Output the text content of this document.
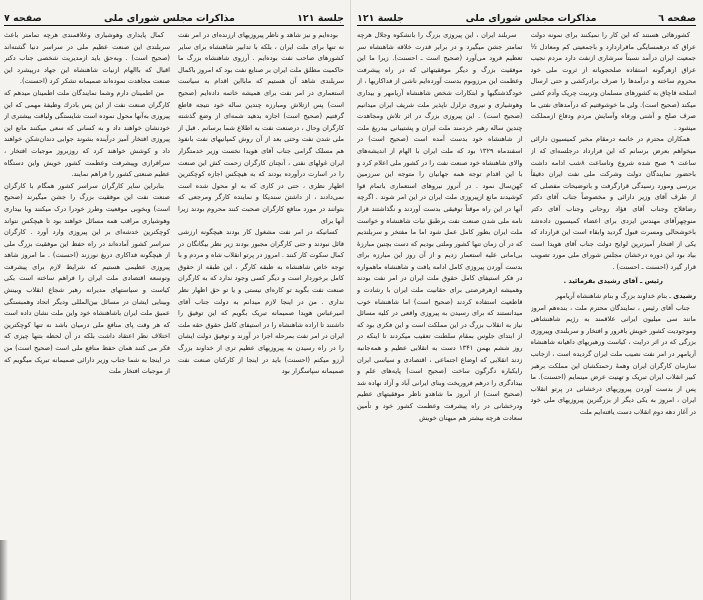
جلسة ۱۲۱
مذاکرات مجلس شورای ملی
صفحه ۷

بوده‌ایم و نیز شاهد و ناظر پیروزیهای ارزنده‌ای در امر نفت نه تنها برای ملت ایران ، بلکه با تدابیر شاهنشاه برای سایر کشورهای صاحب نفت بوده‌ایم . آرزوی شاهنشاه بزرگ ما حاکمیت مطلق ملت ایران بر صنایع نفت بود که امروز باکمال سربلندی شاهد آن هستیم که مابااین اقدام به سیاست استعماری در امر نفت برای همیشه خاتمه داده‌ایم (صحیح است) پس ازتلاش ومبارزه چندین ساله خود نتیجه قاطع گرفتیم (صحیح است) اجازه بدهید شمه‌ای از وضع گذشته کارگران وحال ، درصنعت نفت به اطلاع شما برسانم . قبل از ملی شدن نفت وحتی بعد از آن روش کمپانیهای نفت بانفوذ هم مسلک گرامی جناب آقای هویدا نخست وزیر خدمتگزار ایران غولهای نفتی ، آنچنان کارگران زحمت کش این صنعت را در اسارت درآورده بودند که به هیچکس اجازه کوچکترین اظهار نظری ، حتی در کاری که به او محول شده است نمی‌دادند ، از داشتن سندیکا و نماینده کارگر ومرجعی که بتوانند در مورد منافع کارگران صحبت کنند محروم بودند زیرا آنها برای

کسانیکه در امر نفت مشغول کار بودند هیچگونه ارزشی قائل نبودند و حتی کارگران مجبور بودند زیر نظر بیگانگان در کمال سکوت کار کنند . امروز در پرتو انقلاب شاه و مردم و با توجه خاص شاهنشاه به طبقه کارگر ، این طبقه از حقوق کامل برخوردار است و دیگر کسی وجود ندارد که به کارگران صنعت نفت بگوید تو کاره‌ای نیستی و یا تو حق اظهار نظر نداری . من در اینجا لازم میدانم به دولت جناب آقای امیرعباس هویدا صمیمانه تبریک بگویم که این توفیق را داشتند تا اراده شاهنشاه را در استیفای کامل حقوق حقه ملت ایران در امر نفت بمرحله اجرا در آورند و توفیق دولت ایشان را در راه رسیدن به پیروزیهای عظیم تری از خداوند بزرگ آرزو میکنم (احسنت) باید در اینجا از کارکنان صنعت نفت صمیمانه سپاسگزار بود

کمال پایداری وهوشیاری وعلاقمندی هرچه تمامتر باعث سربلندی این صنعت عظیم ملی در سراسر دنیا گشته‌اند (صحیح است) . وبه‌حق باید ازمدیریت شخصی جناب دکتر اقبال که باالهام ازنیات شاهنشاه این جهاد درپیشرد این صنعت مجاهدت نموده‌اند صمیمانه تشکر کرد (احسنت).

من اطمینان دارم وشما نمایندگان ملت اطمینان میدهم که کارگران صنعت نفت از این پس بادرك وظيفة مهمی که این پیروزی به‌آنها محول نموده است شایستگی ولیاقت بیشتری از خودنشان خواهند داد و به کسانی که سعی میکنند مانع این پیروزی افتخار آمیز درآینده بشوند جوابی دندان‌شکن خواهند داد و کوشش خواهند کرد که روزبروز موجبات افتخار ، سرافرازی وپیشرفت وعظمت کشور خویش واین دستگاه عظیم صنعتی کشور را فراهم نمایند.

بنابراین سایر کارگران سراسر کشور همگام با کارگران صنعت نفت این موفقیت بزرگ را جشن میگیرند (صحیح است) وبخوبی موقعیت وطرز خودرا درک میکنند وبا بیداری وهوشیاری مراقب همه مسائل خواهند بود تا هیچکس نتواند کوچکترین خدشه‌ای بر این پیروزی وارد آورد . کارگران سراسر کشور آماده‌اند در راه حفظ این موفقیت بزرگ ملی از هیچگونه فداکاری دریغ نورزند (احسنت) . ما امروز شاهد پیروزی عظیمی هستیم که شرایط لازم برای پیشرفت وتوسعه اقتصادی ملت ایران را فراهم ساخته است بکی کیاست و سیاستهای مدیرانه رهبر شجاع انقلاب وبینش وبینایی ایشان در مسائل بین‌المللی ودیگر اتحاد وهمبستگی عمیق ملت ایران باشاهنشاه خود واین ملت نشان داده است که هر وقت پای منافع ملی درمیان باشد نه تنها کوچکترین اختلاف نظر اعتقاد داشت بلکه در آن لحظه بتنها چیزی که فکر می کنند همان حفظ منافع ملی است (صحیح است) من در اینجا به شما جناب وزیر دارائی صمیمانه تبریک میگویم که از موجبات افتخار ملت

صفحه ٦
مذاکرات مجلس شورای ملی
جلسة ۱۲۱

کشورهائی هستند که این کار را نمیکنند برای نمونه دولت عراق که درهمسایگی ماقراردارد و باجمعیتی کم ومعادل ½ جمعیت ایران درآمد نسبتاً سرشاری ازنفت دارد مردم نجیب عراق ازهرگونه استفاده صلحجویانه از ثروت ملی خود محروم ساخته و درآمدها را صرف برادرکشی و حتی ارسال اسلحه قاچاق به کشورهای مسلمان وتربیت چریک وآدم کشی میکند (صحیح است). ولی ما خوشوقتیم که درآمدهای نفتی ما صرف صلح و آشتی ورفاه وآسایش مردم ودفاع ازمملکت میشود .

همکاران محترم در خاتمه درمقام مخبر کمیسیون دارائی میخواهم بعرض برسانم که این قرارداد درجلسه‌ای که از ساعت ۹ صبح شده شروع وتاساعت ۸شب ادامه داشت باحضور نمایندگان دولت وشرکت ملی نفت ایران دقیقاً بررسی ومورد رسیدگی قرارگرفت و باتوضیحات مفصلی که از طرف آقای وزیر دارائی و مخصوصاً جناب آقای دکتر رضافلاح وجناب آقای فؤاد روحانی وجناب آقای دکتر منوچهرآقای مهندس ایزدی برای اعضاء کمیسیون داده‌شد باخوشحالی ومسرت قبول گردید وابقاء است این قرارداد که یکی از افتخار آمیزترین لوایح دولت جناب آقای هویدا است بیاد بود این دوره درخشان مجلس شورای ملی مورد تصویب قرار گیرد (احسنت ـ احسنت) .

رئیس ـ آقای رشیدی بفرمائید .

رشیدی ـ بنام خداوند بزرگ و بنام شاهنشاه آریامهر

جناب آقای رئیس ، نمایندگان محترم ملت ، بنده‌هم امروز مانند سی میلیون ایرانی علاقمند به رژیم شاهنشاهی وموجودیت کشور خویش بافرور و افتخار و سربلندی وپیروزی بزرگی که در اثر درایت ، کیاست ورهبریهای داهیانه شاهنشاه آریامهر در امر نفت نصیب ملت ایران گردیده است ، ازجانب سازمان کارگران ایران وهمهٔ زحمتکشان این مملکت برهبر کبیر انقلاب ایران تبریک و تهنیت عرض مینمایم (احسنت). ما پس از بدست آوردن پیروزیهای درخشانی در پرتو انقلاب ایران ، امروز به یکی دیگر از بزرگترین پیروزیهای ملی خود در آغاز دهه دوم انقلاب دست یافته‌ایم ملت

سربلند ایران ، این پیروزی بزرگ را بانشکوه وجلال هرچه تمامتر جشن میگیرد و در برابر قدرت خلاقه شاهنشاه سر تعظیم فرود می‌آورد (صحیح است ـ احسنت). زیرا ما این موفقیت بزرگ و دیگر موفقیتهائی که در راه پیشرفت وعظمت این مرزوبوم بدست آورده‌ایم ناشی از فداکاریها ، از خودگذشتگیها و ابتکارات شخص شاهنشاه آریامهر و بیداری وهوشیاری و نیروی تزلزل ناپذیر ملت شریف ایران میدانیم (صحیح است) . این پیروزی بزرگ در اثر تلاش ومجاهدت چندین ساله رهبر خردمند ملت ایران و پشتیبانی بیدریغ ملت از شاهنشاه خود بدست آمده است (صحیح است) در اسفندماه ۱۳۲۹ بود که ملت ایران با الهام از اندیشه‌های والای شاهنشاه خود صنعت نفت را در کشور ملی اعلام کرد و با این اقدام توجه همه جهانیان را متوجه این سرزمین کهن‌سال نمود . در آنروز نیروهای استعماری باتمام قوا کوشیدند مانع ازپیروزی ملت ایران در این امر شوند . اگرچه آنها در این راه موقتاً توفیقی بدست آوردند و نگذاشتند قرار نامه ملی شدن صنعت نفت برطبق نیات شاهنشاه و خواست ملت ایران بطور کامل عمل شود اما ما مفتخر و سربلندیم که در آن زمان تنها کشور وملتی بودیم که دست بچنین مبارزهٔ بی‌امانی علیه استعمار زدیم و از آن روز این مبارزه برای بدست آوردن پیروزی کامل ادامه یافت و شاهنشاه ماهمواره در فکر استیفای کامل حقوق ملت ایران در امر نفت بودند وهمیشه ازهرفرصتی برای حقانیت ملت ایران با رشادت و قاطعیت استفاده کردند (صحیح است) اما شاهنشاه خوب میدانستند که برای رسیدن به پیروزی واقعی در کلیه مسائل نیاز به انقلاب بزرگ در این مملکت است و این فکری بود که از ابتدای جلوس بمقام سلطنت تعقیب میکردند تا اینکه در روز ششم بهمن ۱۳۴۱ دست به انقلابی عظیم و همه‌جانبه زدند انقلابی که اوضاع اجتماعی ، اقتصادی و سیاسی ایران رایکباره دگرگون ساخت (صحیح است) پایه‌های علم و بیدادگری را درهم فروریخت وبنای ایرانی آباد و آزاد نهاده شد (صحیح است) از آنروز ما شاهدو ناظر موفقیتهای عظیم ودرخشانی در راه پیشرفت وعظمت کشور خود و تأمین سعادت هرچه بیشتر هم میهنان خویش
